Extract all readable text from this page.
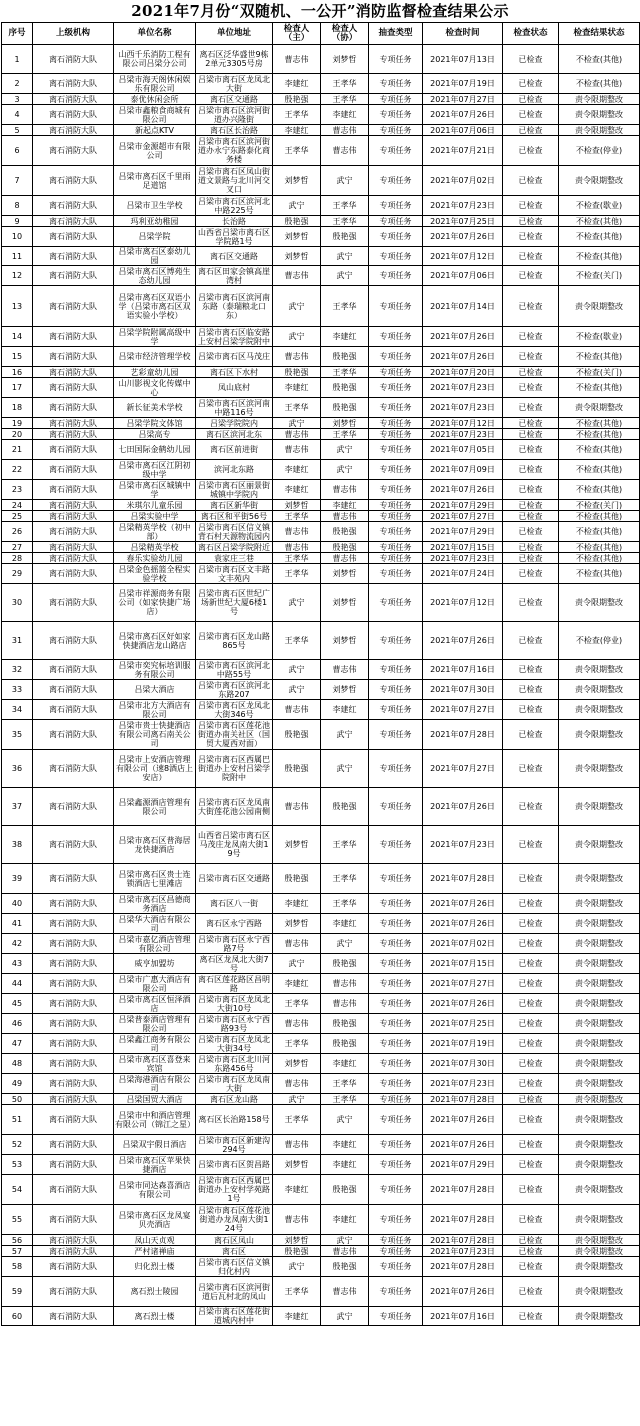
2021年7月份“双随机、一公开”消防监督检查结果公示
序号	上级机构	单位名称	单位地址	检查人（主）	检查人（协）	抽查类型	检查时间	检查状态	检查结果状态
1	离石消防大队	山西千乐消防工程有限公司吕梁分公司	离石区泛华盛世9栋2单元3305号房	曹志伟	刘梦哲	专项任务	2021年07月13日	已检查	不检查(其他)
2	离石消防大队	吕梁市海天阁休闲娱乐有限公司	吕梁市离石区龙凤北大街	李建红	王孝华	专项任务	2021年07月19日	已检查	不检查(其他)
3	离石消防大队	泰优休闲会所	离石区交通路	殷艳强	王孝华	专项任务	2021年07月27日	已检查	责令限期整改
4	离石消防大队	吕梁市鑫粮食商城有限公司	吕梁市离石区滨河街道办兴隆街	王孝华	李建红	专项任务	2021年07月26日	已检查	责令限期整改
5	离石消防大队	新起点KTV	离石区长治路	李建红	曹志伟	专项任务	2021年07月06日	已检查	责令限期整改
6	离石消防大队	吕梁市金源超市有限公司	吕梁市离石区滨河街道办永宁东路泰化商务楼	王孝华	曹志伟	专项任务	2021年07月21日	已检查	不检查(停业)
7	离石消防大队	吕梁市离石区千里雨足道馆	吕梁市离石区凤山街道文景路与北川河交叉口	刘梦哲	武宁	专项任务	2021年07月02日	已检查	责令限期整改
8	离石消防大队	吕梁市卫生学校	吕梁市离石区滨河北中路225号	武宁	王孝华	专项任务	2021年07月23日	已检查	不检查(歇业)
9	离石消防大队	玛利亚幼稚园	长治路	殷艳强	王孝华	专项任务	2021年07月25日	已检查	不检查(其他)
10	离石消防大队	吕梁学院	山西省吕梁市离石区学院路1号	刘梦哲	殷艳强	专项任务	2021年07月26日	已检查	不检查(其他)
11	离石消防大队	吕梁市离石区泰幼儿园	离石区交通路	刘梦哲	武宁	专项任务	2021年07月12日	已检查	不检查(其他)
12	离石消防大队	吕梁市离石区博苑生态幼儿园	离石区田家会镇高崖湾村	曹志伟	武宁	专项任务	2021年07月06日	已检查	不检查(关门)
13	离石消防大队	吕梁市离石区双语小学（吕梁市离石区双语实验小学校）	吕梁市离石区滨河南东路（泰瑞粮北口东）	武宁	王孝华	专项任务	2021年07月14日	已检查	责令限期整改
14	离石消防大队	吕梁学院附属高级中学	吕梁市离石区临安路上安村吕梁学院附中	武宁	李建红	专项任务	2021年07月26日	已检查	不检查(歇业)
15	离石消防大队	吕梁市经济管理学校	吕梁市离石区马茂庄	曹志伟	殷艳强	专项任务	2021年07月26日	已检查	不检查(其他)
16	离石消防大队	艺彩童幼儿园	离石区下水村	殷艳强	王孝华	专项任务	2021年07月20日	已检查	不检查(关门)
17	离石消防大队	山川影视文化传媒中心	凤山底村	李建红	殷艳强	专项任务	2021年07月23日	已检查	不检查(其他)
18	离石消防大队	新长征美术学校	吕梁市离石区滨河南中路116号	王孝华	殷艳强	专项任务	2021年07月23日	已检查	责令限期整改
19	离石消防大队	吕梁学院文体馆	吕梁学院院内	武宁	刘梦哲	专项任务	2021年07月12日	已检查	不检查(其他)
20	离石消防大队	吕梁高专	离石区滨河北东	曹志伟	王孝华	专项任务	2021年07月23日	已检查	不检查(其他)
21	离石消防大队	七田国际金鹤幼儿园	离石区前进街	曹志伟	武宁	专项任务	2021年07月05日	已检查	不检查(其他)
22	离石消防大队	吕梁市离石区江阴初级中学	滨河北东路	李建红	武宁	专项任务	2021年07月09日	已检查	不检查(其他)
23	离石消防大队	吕梁市离石区城镇中学	吕梁市离石区丽景街城镇中学院内	李建红	曹志伟	专项任务	2021年07月26日	已检查	不检查(其他)
24	离石消防大队	米琪尔儿童乐园	离石区新华街	刘梦哲	李建红	专项任务	2021年07月29日	已检查	不检查(关门)
25	离石消防大队	吕梁实验中学	离石区和平街56号	王孝华	曹志伟	专项任务	2021年07月27日	已检查	不检查(其他)
26	离石消防大队	吕梁精英学校（初中部）	吕梁市离石区信义镇背石村天源物流园内	曹志伟	殷艳强	专项任务	2021年07月29日	已检查	不检查(其他)
27	离石消防大队	吕梁精英学校	离石区吕梁学院附近	曹志伟	殷艳强	专项任务	2021年07月15日	已检查	不检查(其他)
28	离石消防大队	春乐实验幼儿园	袁家庄三巷	王孝华	曹志伟	专项任务	2021年07月23日	已检查	不检查(其他)
29	离石消防大队	吕梁金色摇篮全程实验学校	吕梁市离石区文丰路文丰苑内	王孝华	刘梦哲	专项任务	2021年07月24日	已检查	不检查(其他)
30	离石消防大队	吕梁市祥源商务有限公司（如家快捷广场店）	吕梁市离石区世纪广场新世纪大厦6楼1号	武宁	刘梦哲	专项任务	2021年07月12日	已检查	责令限期整改
31	离石消防大队	吕梁市离石区好如家快捷酒店龙山路店	吕梁市离石区龙山路865号	王孝华	刘梦哲	专项任务	2021年07月26日	已检查	不检查(停业)
32	离石消防大队	吕梁市奕究标培训服务有限公司	吕梁市离石区滨河北中路55号	武宁	曹志伟	专项任务	2021年07月16日	已检查	责令限期整改
33	离石消防大队	吕梁大酒店	吕梁市离石区滨河北东路207	武宁	刘梦哲	专项任务	2021年07月30日	已检查	责令限期整改
34	离石消防大队	吕梁市北方大酒店有限公司	吕梁市离石区龙凤北大街346号	曹志伟	李建红	专项任务	2021年07月27日	已检查	责令限期整改
35	离石消防大队	吕梁市贵士快捷酒店有限公司离石南关公司	吕梁市离石区莲花池街道办南关社区（国贸大厦西对面）	殷艳强	武宁	专项任务	2021年07月28日	已检查	责令限期整改
36	离石消防大队	吕梁市上安酒店管理有限公司（速8酒店上安店）	吕梁市离石区西属巴街道办上安村吕梁学院附中	殷艳强	武宁	专项任务	2021年07月27日	已检查	责令限期整改
37	离石消防大队	吕梁鑫源酒店管理有限公司	吕梁市离石区龙凤南大街莲花池公园南侧	曹志伟	殷艳强	专项任务	2021年07月26日	已检查	责令限期整改
38	离石消防大队	吕梁市离石区普海居龙快捷酒店	山西省吕梁市离石区马茂庄龙凤南大街19号	刘梦哲	王孝华	专项任务	2021年07月23日	已检查	责令限期整改
39	离石消防大队	吕梁市离石区贵士连锁酒店七里滩店	吕梁市离石区交通路	殷艳强	王孝华	专项任务	2021年07月28日	已检查	责令限期整改
40	离石消防大队	吕梁市离石区昌德商务酒店	离石区八一街	李建红	王孝华	专项任务	2021年07月26日	已检查	责令限期整改
41	离石消防大队	吕梁华大酒店有限公司	离石区永宁西路	刘梦哲	李建红	专项任务	2021年07月26日	已检查	责令限期整改
42	离石消防大队	吕梁市嘉亿酒店管理有限公司	吕梁市离石区永宁西路7号	曹志伟	武宁	专项任务	2021年07月02日	已检查	责令限期整改
43	离石消防大队	威亨加盟坊	离石区龙凤北大街7号	武宁	殷艳强	专项任务	2021年07月15日	已检查	责令限期整改
44	离石消防大队	吕梁市广惠大酒店有限公司	离石区莲花路区昌明路	李建红	曹志伟	专项任务	2021年07月27日	已检查	责令限期整改
45	离石消防大队	吕梁市离石区恒泽酒店	吕梁市离石区龙凤北大街10号	王孝华	曹志伟	专项任务	2021年07月26日	已检查	责令限期整改
46	离石消防大队	吕梁普泰酒店管理有限公司	吕梁市离石区永宁西路93号	曹志伟	殷艳强	专项任务	2021年07月25日	已检查	责令限期整改
47	离石消防大队	吕梁鑫江商务有限公司	吕梁市离石区龙凤北大街34号	王孝华	殷艳强	专项任务	2021年07月19日	已检查	责令限期整改
48	离石消防大队	吕梁市离石区喜登来宾馆	吕梁市离石区北川河东路456号	刘梦哲	李建红	专项任务	2021年07月30日	已检查	责令限期整改
49	离石消防大队	吕梁海港酒店有限公司	吕梁市离石区龙凤南大街	曹志伟	王孝华	专项任务	2021年07月23日	已检查	责令限期整改
50	离石消防大队	吕梁国贸大酒店	离石区龙山路	武宁	王孝华	专项任务	2021年07月28日	已检查	责令限期整改
51	离石消防大队	吕梁市中和酒店管理有限公司（锦江之星）	离石区长治路158号	王孝华	武宁	专项任务	2021年07月26日	已检查	责令限期整改
52	离石消防大队	吕梁双宇假日酒店	吕梁市离石区新建沟294号	曹志伟	李建红	专项任务	2021年07月26日	已检查	责令限期整改
53	离石消防大队	吕梁市离石区苹果快捷酒店	吕梁市离石区贺昌路	刘梦哲	李建红	专项任务	2021年07月29日	已检查	责令限期整改
54	离石消防大队	吕梁市同达森喜酒店有限公司	吕梁市离石区西属巴街道办上安村学苑路1号	李建红	殷艳强	专项任务	2021年07月28日	已检查	责令限期整改
55	离石消防大队	吕梁市离石区龙凤宴贝壳酒店	吕梁市离石区莲花池街道办龙凤南大街124号	曹志伟	李建红	专项任务	2021年07月28日	已检查	责令限期整改
56	离石消防大队	凤山天贞观	离石区凤山	刘梦哲	武宁	专项任务	2021年07月28日	已检查	责令限期整改
57	离石消防大队	严村诸禅庙	离石区	殷艳强	曹志伟	专项任务	2021年07月23日	已检查	责令限期整改
58	离石消防大队	归化烈士楼	吕梁市离石区信义镇归化村内	武宁	殷艳强	专项任务	2021年07月28日	已检查	责令限期整改
59	离石消防大队	离石烈士陵园	吕梁市离石区滨河街道后瓦村北的凤山	王孝华	曹志伟	专项任务	2021年07月26日	已检查	责令限期整改
60	离石消防大队	离石烈士楼	吕梁市离石区莲花街道城内村中	李建红	武宁	专项任务	2021年07月16日	已检查	责令限期整改
